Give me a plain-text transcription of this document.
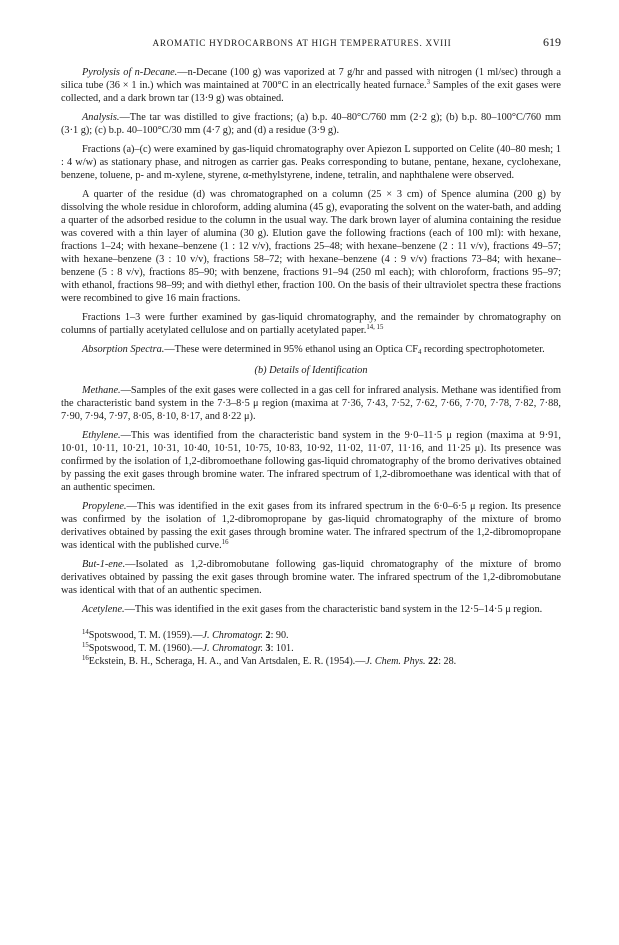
AROMATIC HYDROCARBONS AT HIGH TEMPERATURES. XVIII	619

Pyrolysis of n-Decane.—n-Decane (100 g) was vaporized at 7 g/hr and passed with nitrogen (1 ml/sec) through a silica tube (36 × 1 in.) which was maintained at 700°C in an electrically heated furnace.$^3$ Samples of the exit gases were collected, and a dark brown tar (13·9 g) was obtained.

Analysis.—The tar was distilled to give fractions; (a) b.p. 40–80°C/760 mm (2·2 g); (b) b.p. 80–100°C/760 mm (3·1 g); (c) b.p. 40–100°C/30 mm (4·7 g); and (d) a residue (3·9 g).

Fractions (a)–(c) were examined by gas-liquid chromatography over Apiezon L supported on Celite (40–80 mesh; 1 : 4 w/w) as stationary phase, and nitrogen as carrier gas. Peaks corresponding to butane, pentane, hexane, cyclohexane, benzene, toluene, p- and m-xylene, styrene, α-methylstyrene, indene, tetralin, and naphthalene were observed.

A quarter of the residue (d) was chromatographed on a column (25 × 3 cm) of Spence alumina (200 g) by dissolving the whole residue in chloroform, adding alumina (45 g), evaporating the solvent on the water-bath, and adding a quarter of the adsorbed residue to the column in the usual way. The dark brown layer of alumina containing the residue was covered with a thin layer of alumina (30 g). Elution gave the following fractions (each of 100 ml): with hexane, fractions 1–24; with hexane–benzene (1 : 12 v/v), fractions 25–48; with hexane–benzene (2 : 11 v/v), fractions 49–57; with hexane–benzene (3 : 10 v/v), fractions 58–72; with hexane–benzene (4 : 9 v/v) fractions 73–84; with hexane–benzene (5 : 8 v/v), fractions 85–90; with benzene, fractions 91–94 (250 ml each); with chloroform, fractions 95–97; with ethanol, fractions 98–99; and with diethyl ether, fraction 100. On the basis of their ultraviolet spectra these fractions were recombined to give 16 main fractions.

Fractions 1–3 were further examined by gas-liquid chromatography, and the remainder by chromatography on columns of partially acetylated cellulose and on partially acetylated paper.$^{14, 15}$

Absorption Spectra.—These were determined in 95% ethanol using an Optica $CF_4$ recording spectrophotometer.

(b) Details of Identification

Methane.—Samples of the exit gases were collected in a gas cell for infrared analysis. Methane was identified from the characteristic band system in the 7·3–8·5 μ region (maxima at 7·36, 7·43, 7·52, 7·62, 7·66, 7·70, 7·78, 7·82, 7·88, 7·90, 7·94, 7·97, 8·05, 8·10, 8·17, and 8·22 μ).

Ethylene.—This was identified from the characteristic band system in the 9·0–11·5 μ region (maxima at 9·91, 10·01, 10·11, 10·21, 10·31, 10·40, 10·51, 10·75, 10·83, 10·92, 11·02, 11·07, 11·16, and 11·25 μ). Its presence was confirmed by the isolation of 1,2-dibromoethane following gas-liquid chromatography of the bromo derivatives obtained by passing the exit gases through bromine water. The infrared spectrum of 1,2-dibromoethane was identical with that of an authentic specimen.

Propylene.—This was identified in the exit gases from its infrared spectrum in the 6·0–6·5 μ region. Its presence was confirmed by the isolation of 1,2-dibromopropane by gas-liquid chromatography of the mixture of bromo derivatives obtained by passing the exit gases through bromine water. The infrared spectrum of the 1,2-dibromopropane was identical with the published curve.$^{16}$

But-1-ene.—Isolated as 1,2-dibromobutane following gas-liquid chromatography of the mixture of bromo derivatives obtained by passing the exit gases through bromine water. The infrared spectrum of the 1,2-dibromobutane was identical with that of an authentic specimen.

Acetylene.—This was identified in the exit gases from the characteristic band system in the 12·5–14·5 μ region.

$^{14}$Spotswood, T. M. (1959).—J. Chromatogr. 2: 90.

$^{15}$Spotswood, T. M. (1960).—J. Chromatogr. 3: 101.

$^{16}$Eckstein, B. H., Scheraga, H. A., and Van Artsdalen, E. R. (1954).—J. Chem. Phys. 22: 28.
